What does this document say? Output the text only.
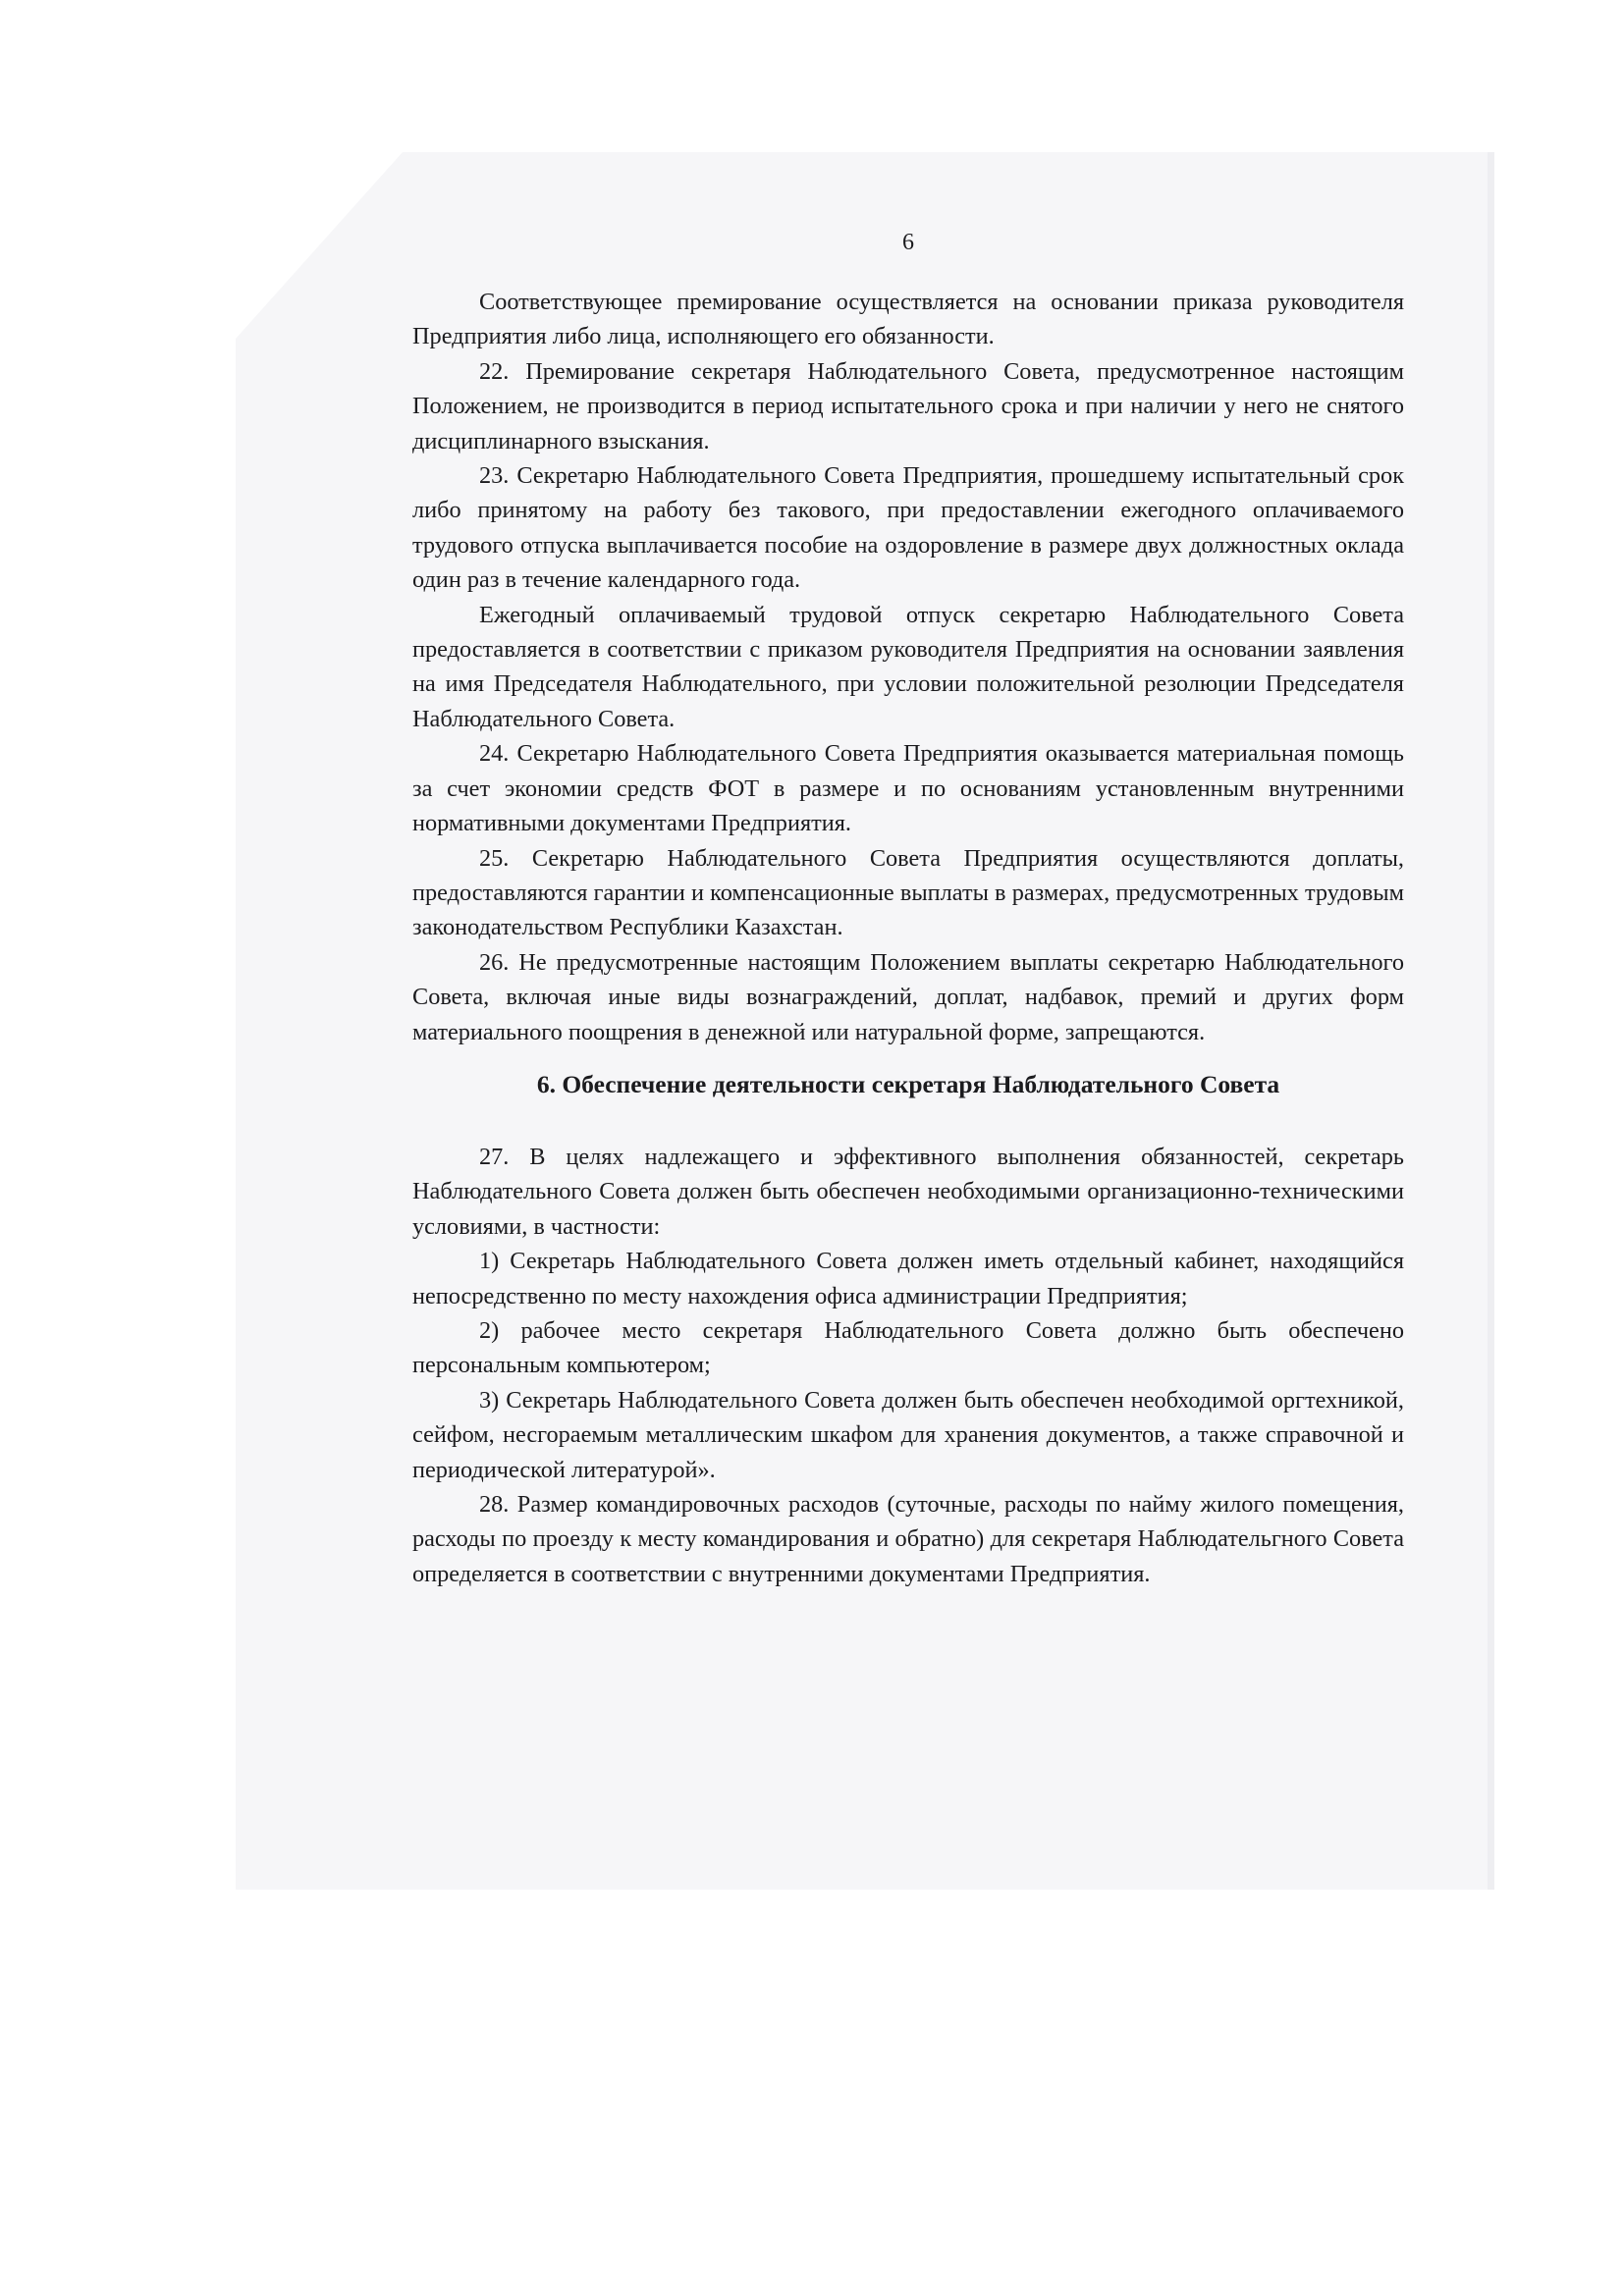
6

Соответствующее премирование осуществляется на основании приказа руководителя Предприятия либо лица, исполняющего его обязанности.

22. Премирование секретаря Наблюдательного Совета, предусмотренное настоящим Положением, не производится в период испытательного срока и при наличии у него не снятого дисциплинарного взыскания.

23. Секретарю Наблюдательного Совета Предприятия, прошедшему испытательный срок либо принятому на работу без такового, при предоставлении ежегодного оплачиваемого трудового отпуска выплачивается пособие на оздоровление в размере двух должностных оклада один раз в течение календарного года.

Ежегодный оплачиваемый трудовой отпуск секретарю Наблюдательного Совета предоставляется в соответствии с приказом руководителя Предприятия на основании заявления на имя Председателя Наблюдательного, при условии положительной резолюции Председателя Наблюдательного Совета.

24. Секретарю Наблюдательного Совета Предприятия оказывается материальная помощь за счет экономии средств ФОТ в размере и по основаниям установленным внутренними нормативными документами Предприятия.

25. Секретарю Наблюдательного Совета Предприятия осуществляются доплаты, предоставляются гарантии и компенсационные выплаты в размерах, предусмотренных трудовым законодательством Республики Казахстан.

26. Не предусмотренные настоящим Положением выплаты секретарю Наблюдательного Совета, включая иные виды вознаграждений, доплат, надбавок, премий и других форм материального поощрения в денежной или натуральной форме, запрещаются.

6. Обеспечение деятельности секретаря Наблюдательного Совета

27. В целях надлежащего и эффективного выполнения обязанностей, секретарь Наблюдательного Совета должен быть обеспечен необходимыми организационно-техническими условиями, в частности:

1) Секретарь Наблюдательного Совета должен иметь отдельный кабинет, находящийся непосредственно по месту нахождения офиса администрации Предприятия;

2) рабочее место секретаря Наблюдательного Совета должно быть обеспечено персональным компьютером;

3) Секретарь Наблюдательного Совета должен быть обеспечен необходимой оргтехникой, сейфом, несгораемым металлическим шкафом для хранения документов, а также справочной и периодической литературой».

28. Размер командировочных расходов (суточные, расходы по найму жилого помещения, расходы по проезду к месту командирования и обратно) для секретаря Наблюдательгного Совета определяется в соответствии с внутренними документами Предприятия.
